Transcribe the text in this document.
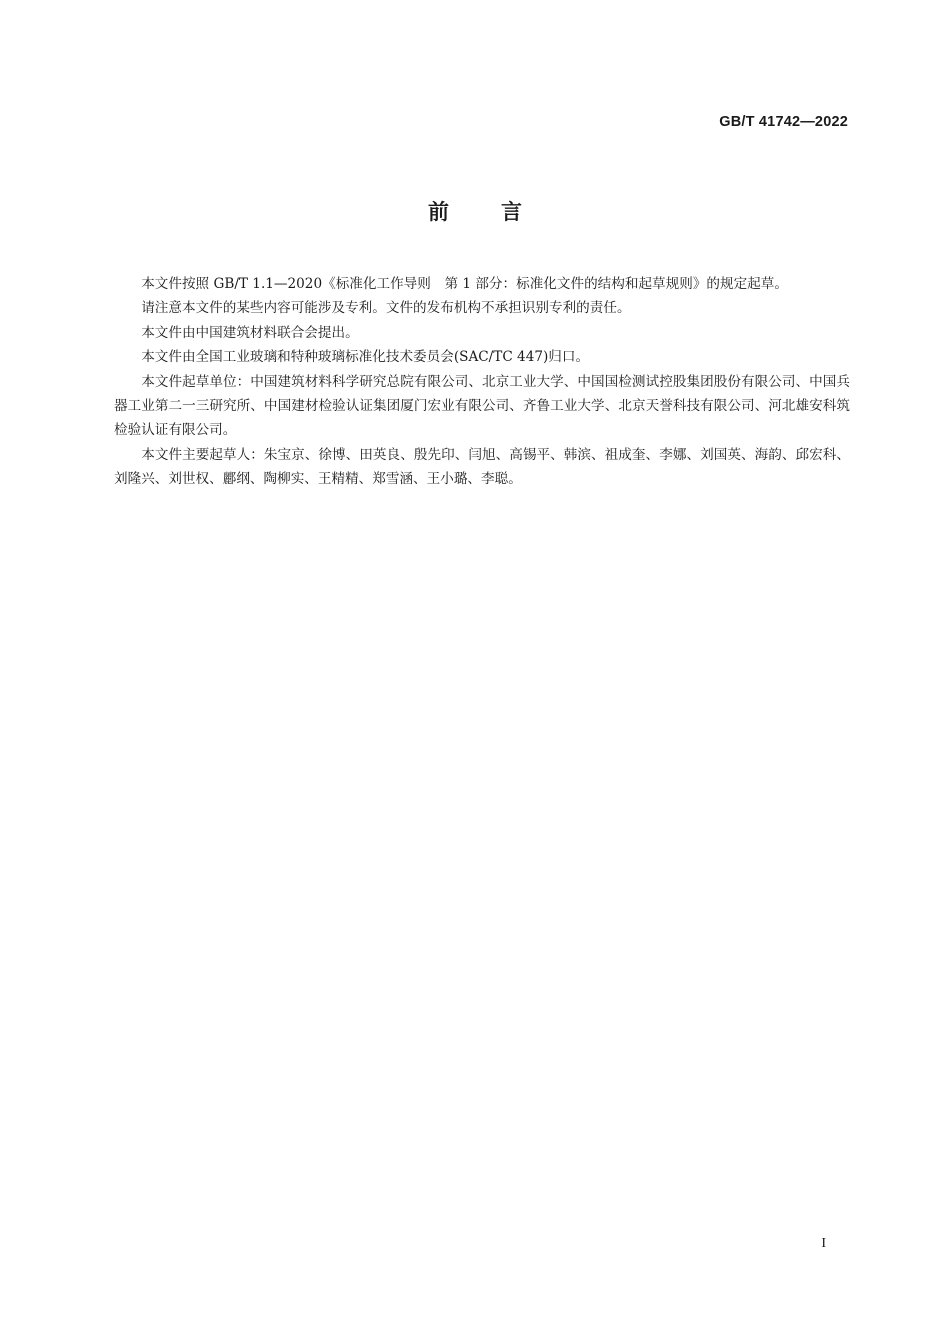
GB/T 41742—2022
前 言

本文件按照 GB/T 1.1—2020《标准化工作导则　第 1 部分：标准化文件的结构和起草规则》的规定起草。

请注意本文件的某些内容可能涉及专利。文件的发布机构不承担识别专利的责任。

本文件由中国建筑材料联合会提出。

本文件由全国工业玻璃和特种玻璃标准化技术委员会(SAC/TC 447)归口。

本文件起草单位：中国建筑材料科学研究总院有限公司、北京工业大学、中国国检测试控股集团股份有限公司、中国兵器工业第二一三研究所、中国建材检验认证集团厦门宏业有限公司、齐鲁工业大学、北京天誉科技有限公司、河北雄安科筑检验认证有限公司。

本文件主要起草人：朱宝京、徐博、田英良、殷先印、闫旭、高锡平、韩滨、祖成奎、李娜、刘国英、海韵、邱宏科、刘隆兴、刘世权、酈纲、陶柳实、王精精、郑雪涵、王小璐、李聪。

I
